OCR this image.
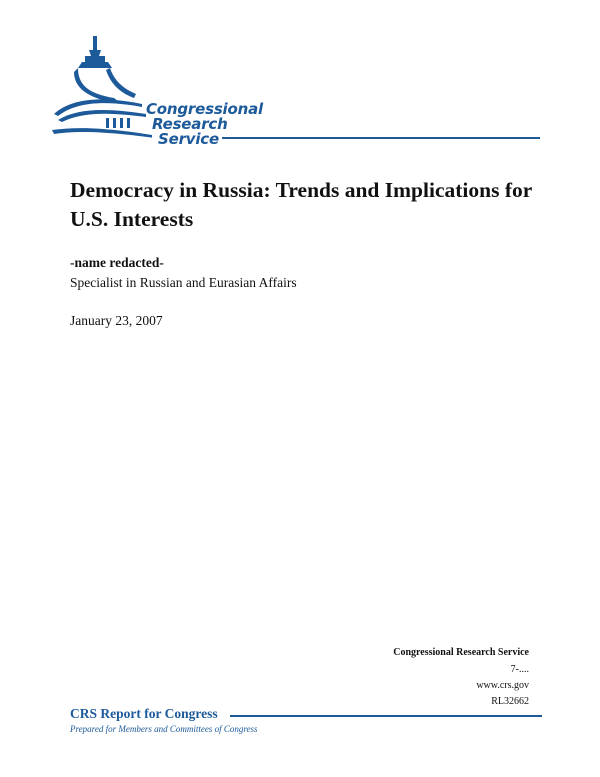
Congressional
Research
Service
Democracy in Russia: Trends and Implications for U.S. Interests
-name redacted-
Specialist in Russian and Eurasian Affairs
January 23, 2007
Congressional Research Service
7-....
www.crs.gov
RL32662
CRS Report for Congress
Prepared for Members and Committees of Congress
